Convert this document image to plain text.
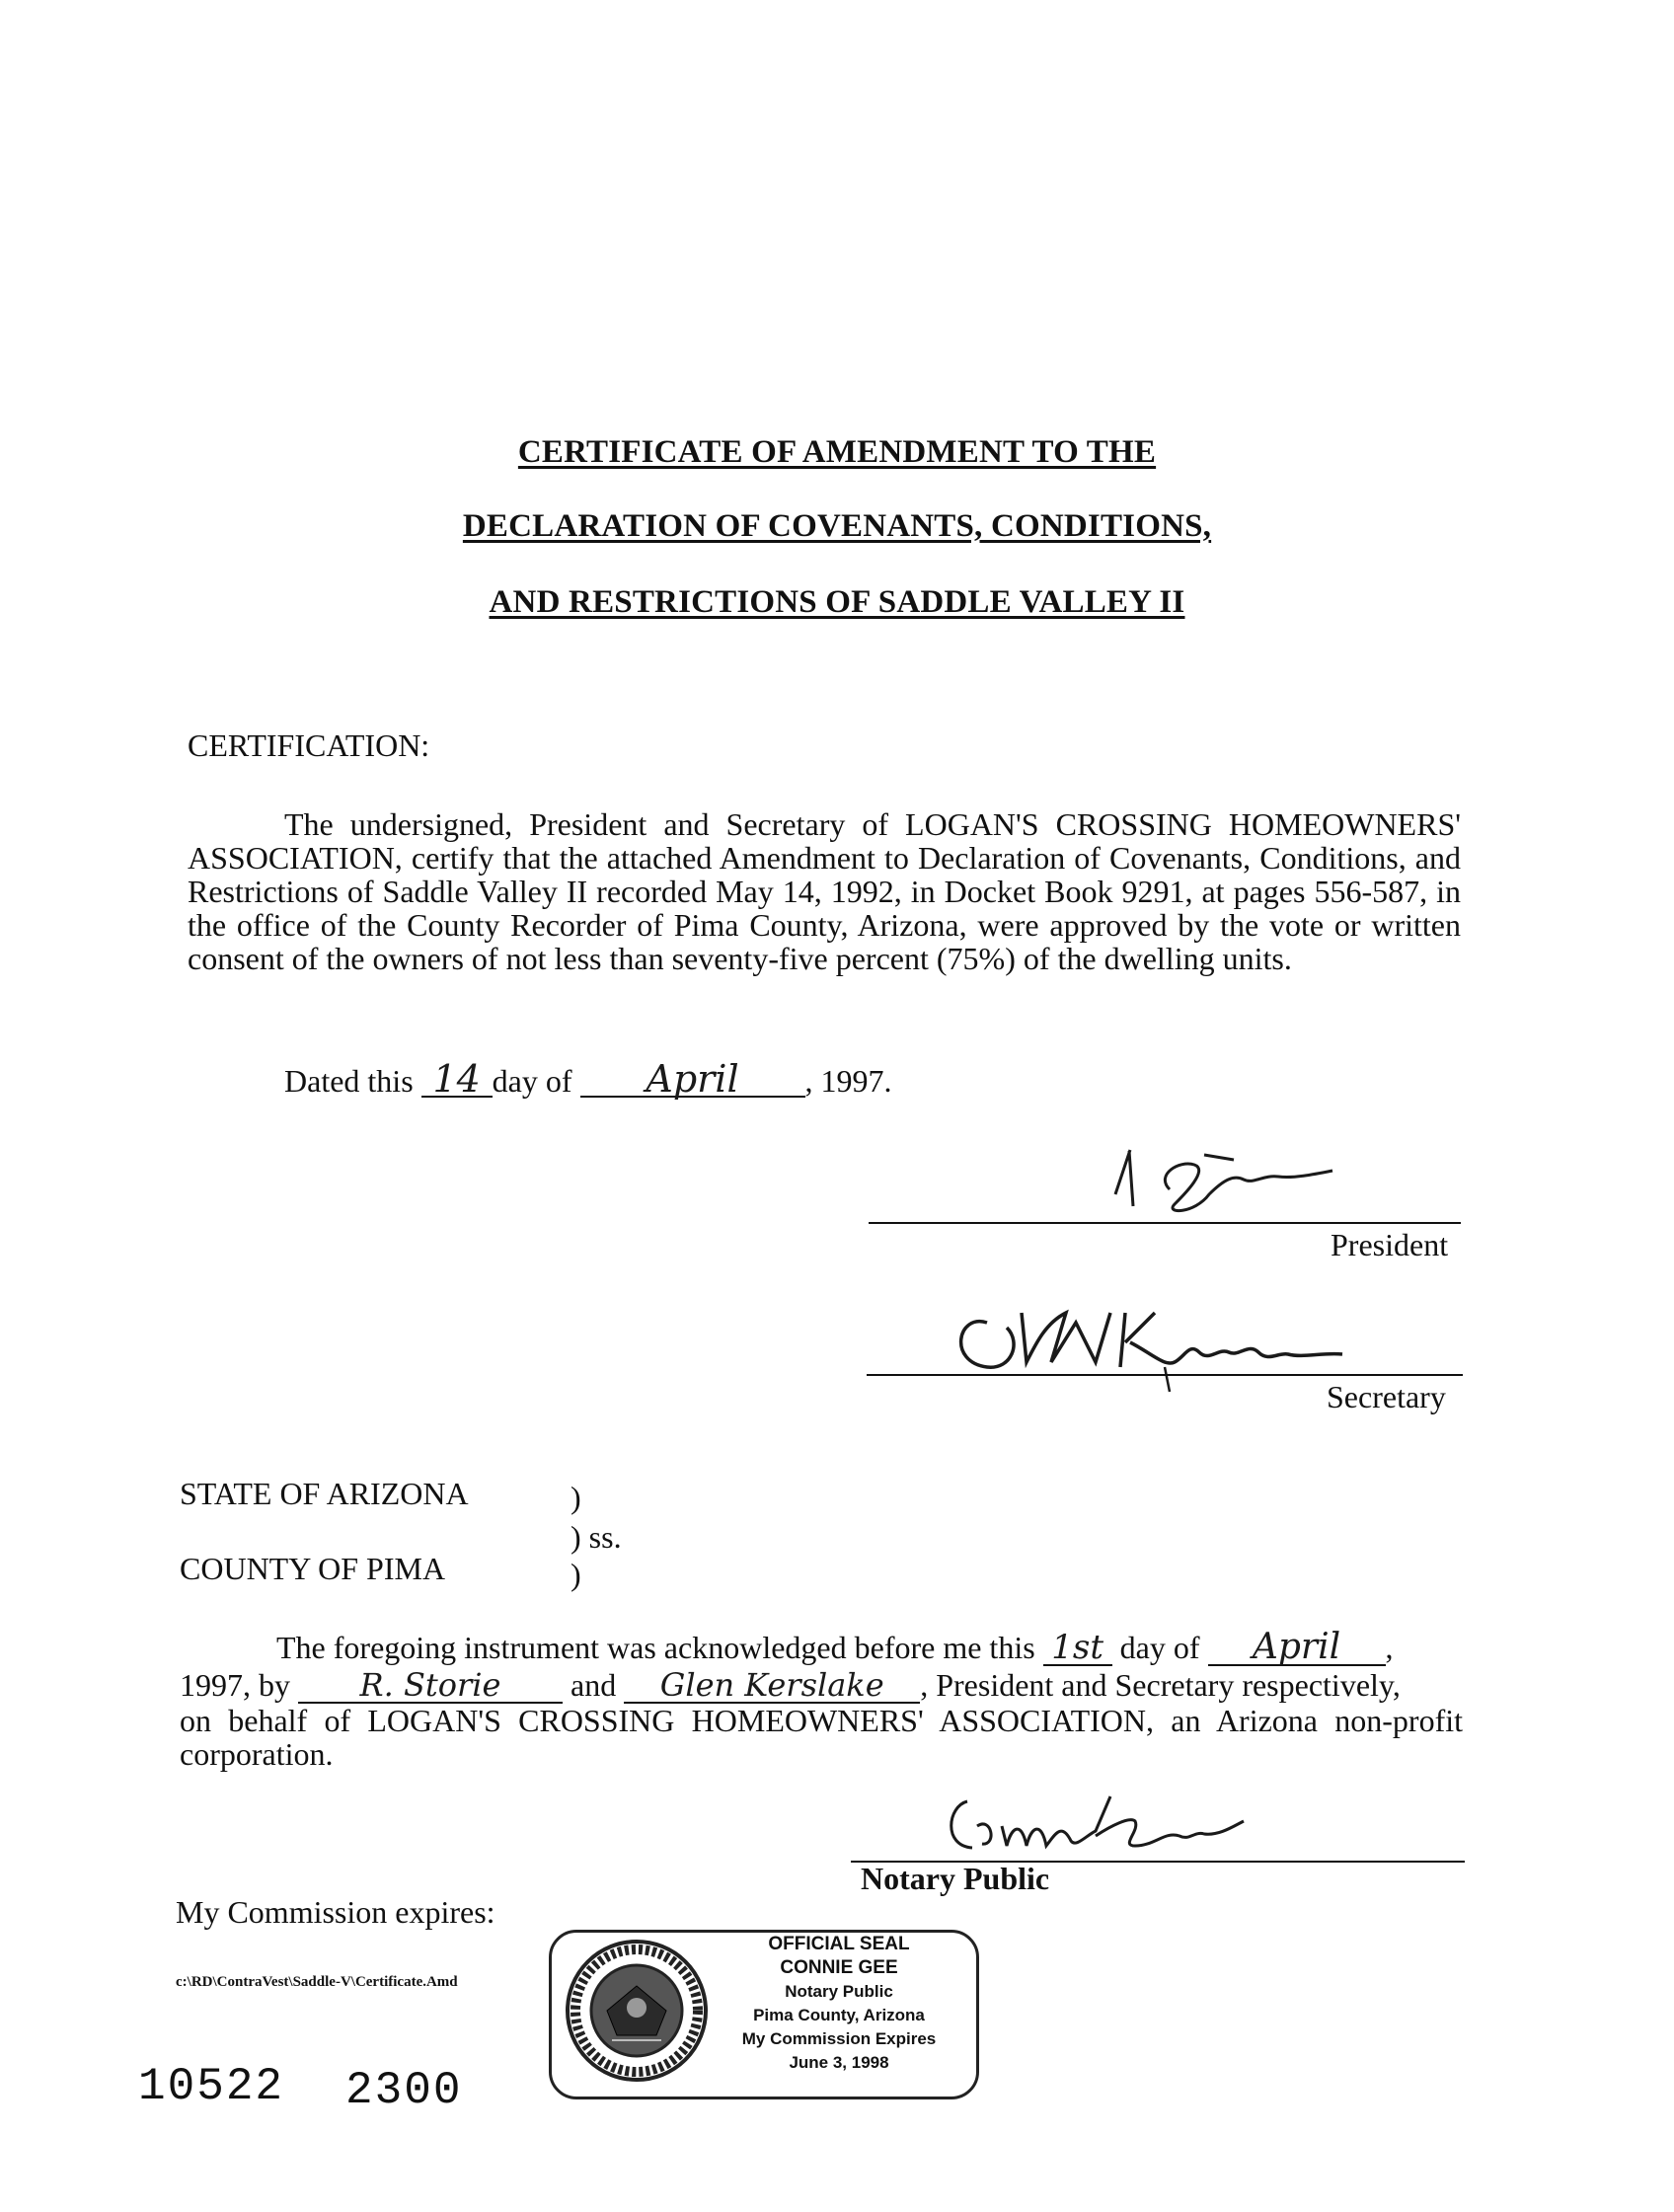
CERTIFICATE OF AMENDMENT TO THE
DECLARATION OF COVENANTS, CONDITIONS,
AND RESTRICTIONS OF SADDLE VALLEY II
CERTIFICATION:
The undersigned, President and Secretary of LOGAN'S CROSSING HOMEOWNERS' ASSOCIATION, certify that the attached Amendment to Declaration of Covenants, Conditions, and Restrictions of Saddle Valley II recorded May 14, 1992, in Docket Book 9291, at pages 556-587, in the office of the County Recorder of Pima County, Arizona, were approved by the vote or written consent of the owners of not less than seventy-five percent (75%) of the dwelling units.
Dated this 14 day of April , 1997.
President
Secretary
STATE OF ARIZONA	)
) ss.
COUNTY OF PIMA	)
The foregoing instrument was acknowledged before me this 1st day of April ,
1997, by R. Storie and Glen Kerslake , President and Secretary respectively,
on behalf of LOGAN'S CROSSING HOMEOWNERS' ASSOCIATION, an Arizona non-profit corporation.
Notary Public
My Commission expires:
c:\RD\ContraVest\Saddle-V\Certificate.Amd
OFFICIAL SEAL
CONNIE GEE
Notary Public
Pima County, Arizona
My Commission Expires
June 3, 1998
10522 2300
